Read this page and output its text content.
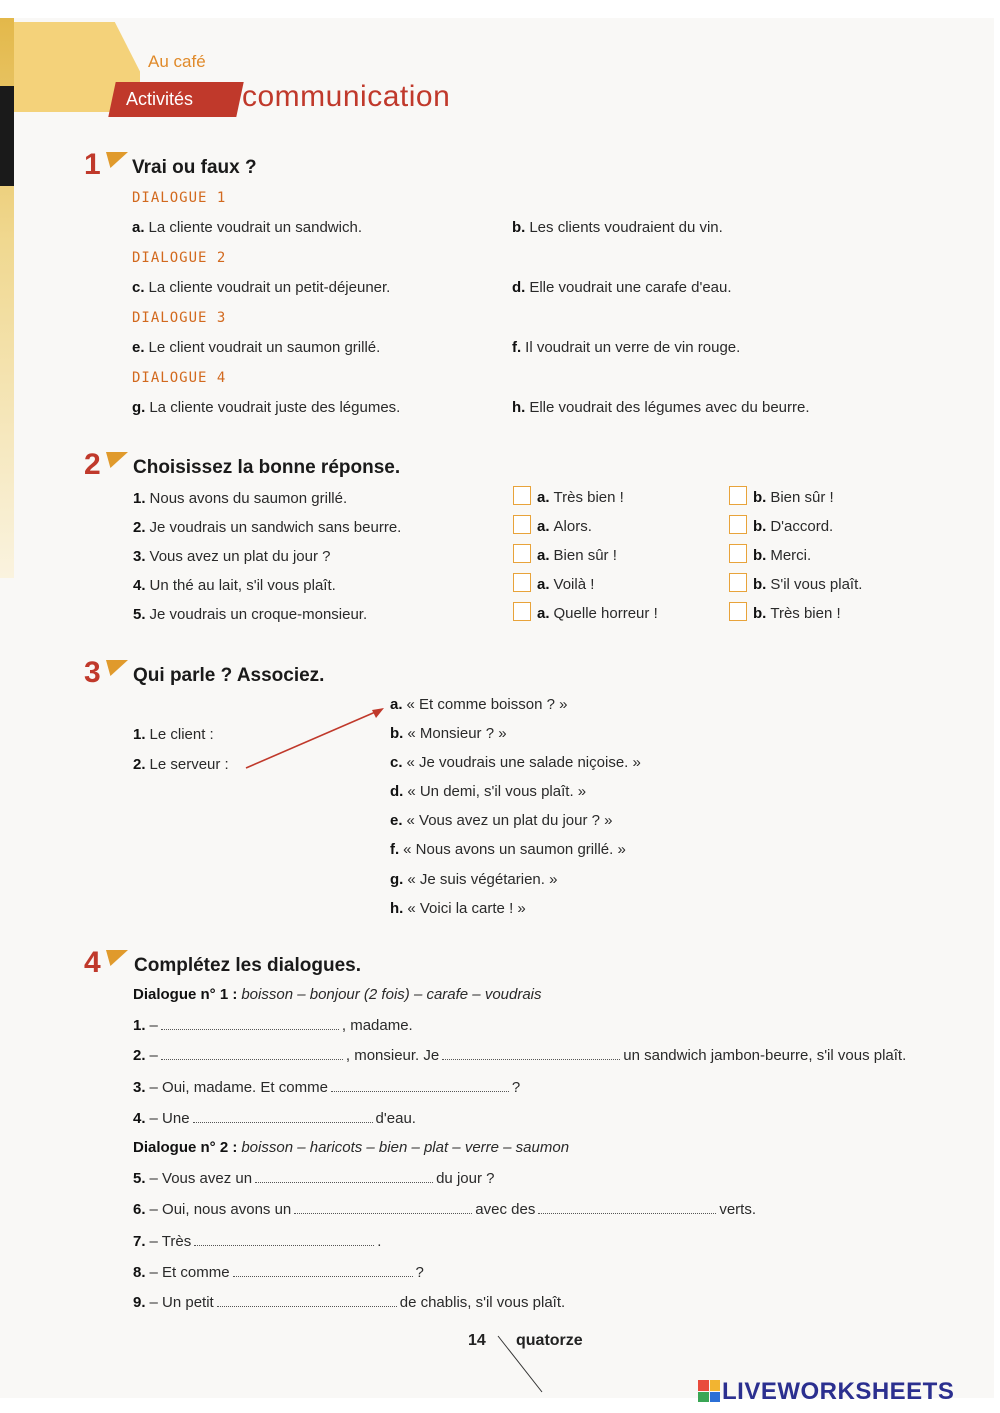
Au café
Activités communication
1 Vrai ou faux ?
DIALOGUE 1
a. La cliente voudrait un sandwich.	b. Les clients voudraient du vin.
DIALOGUE 2
c. La cliente voudrait un petit-déjeuner.	d. Elle voudrait une carafe d'eau.
DIALOGUE 3
e. Le client voudrait un saumon grillé.	f. Il voudrait un verre de vin rouge.
DIALOGUE 4
g. La cliente voudrait juste des légumes.	h. Elle voudrait des légumes avec du beurre.
2 Choisissez la bonne réponse.
1. Nous avons du saumon grillé.	a. Très bien !	b. Bien sûr !
2. Je voudrais un sandwich sans beurre.	a. Alors.	b. D'accord.
3. Vous avez un plat du jour ?	a. Bien sûr !	b. Merci.
4. Un thé au lait, s'il vous plaît.	a. Voilà !	b. S'il vous plaît.
5. Je voudrais un croque-monsieur.	a. Quelle horreur !	b. Très bien !
3 Qui parle ? Associez.
1. Le client :
2. Le serveur :
a. « Et comme boisson ? »
b. « Monsieur ? »
c. « Je voudrais une salade niçoise. »
d. « Un demi, s'il vous plaît. »
e. « Vous avez un plat du jour ? »
f. « Nous avons un saumon grillé. »
g. « Je suis végétarien. »
h. « Voici la carte ! »
4 Complétez les dialogues.
Dialogue n° 1 : boisson – bonjour (2 fois) – carafe – voudrais
1. –	, madame.
2. –	, monsieur. Je	un sandwich jambon-beurre, s'il vous plaît.
3. – Oui, madame. Et comme	?
4. – Une	d'eau.
Dialogue n° 2 : boisson – haricots – bien – plat – verre – saumon
5. – Vous avez un	du jour ?
6. – Oui, nous avons un	avec des	verts.
7. – Très	.
8. – Et comme	?
9. – Un petit	de chablis, s'il vous plaît.
14 quatorze
LIVEWORKSHEETS
